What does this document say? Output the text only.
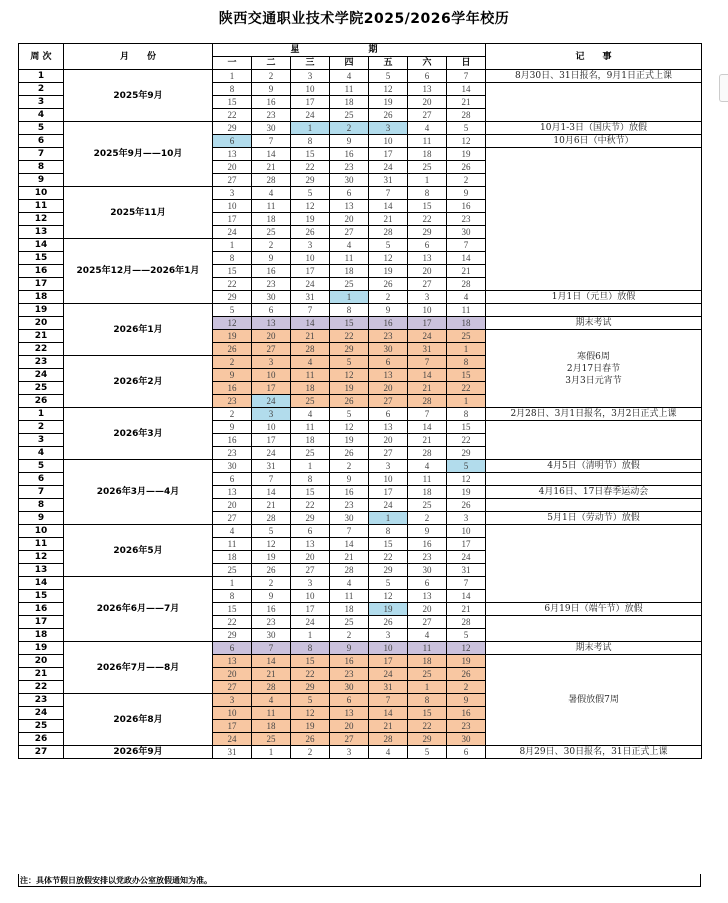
陕西交通职业技术学院2025/2026学年校历
周 次	月　　份	星　期							记　　事
		一	二	三	四	五	六	日	
1	2025年9月	1	2	3	4	5	6	7	8月30日、31日报名，9月1日正式上课
2		8	9	10	11	12	13	14	
3		15	16	17	18	19	20	21	
4		22	23	24	25	26	27	28	
5	2025年9月——10月	29	30	1	2	3	4	5	10月1-3日（国庆节）放假
6		6	7	8	9	10	11	12	10月6日（中秋节）
7		13	14	15	16	17	18	19	
8		20	21	22	23	24	25	26	
9		27	28	29	30	31	1	2	
10	2025年11月	3	4	5	6	7	8	9	
11		10	11	12	13	14	15	16	
12		17	18	19	20	21	22	23	
13		24	25	26	27	28	29	30	
14	2025年12月——2026年1月	1	2	3	4	5	6	7	
15		8	9	10	11	12	13	14	
16		15	16	17	18	19	20	21	
17		22	23	24	25	26	27	28	
18		29	30	31	1	2	3	4	1月1日（元旦）放假
19	2026年1月	5	6	7	8	9	10	11	
20		12	13	14	15	16	17	18	期末考试
21		19	20	21	22	23	24	25	寒假6周
2月17日春节
3月3日元宵节
22		26	27	28	29	30	31	1	
23	2026年2月	2	3	4	5	6	7	8	
24		9	10	11	12	13	14	15	
25		16	17	18	19	20	21	22	
26		23	24	25	26	27	28	1	
1	2026年3月	2	3	4	5	6	7	8	2月28日、3月1日报名，3月2日正式上课
2		9	10	11	12	13	14	15	
3		16	17	18	19	20	21	22	
4		23	24	25	26	27	28	29	
5	2026年3月——4月	30	31	1	2	3	4	5	4月5日（清明节）放假
6		6	7	8	9	10	11	12	
7		13	14	15	16	17	18	19	4月16日、17日春季运动会
8		20	21	22	23	24	25	26	
9		27	28	29	30	1	2	3	5月1日（劳动节）放假
10	2026年5月	4	5	6	7	8	9	10	
11		11	12	13	14	15	16	17	
12		18	19	20	21	22	23	24	
13		25	26	27	28	29	30	31	
14	2026年6月——7月	1	2	3	4	5	6	7	
15		8	9	10	11	12	13	14	
16		15	16	17	18	19	20	21	6月19日（端午节）放假
17		22	23	24	25	26	27	28	
18		29	30	1	2	3	4	5	
19	2026年7月——8月	6	7	8	9	10	11	12	期末考试
20		13	14	15	16	17	18	19	暑假放假7周
21		20	21	22	23	24	25	26	
22		27	28	29	30	31	1	2	
23	2026年8月	3	4	5	6	7	8	9	
24		10	11	12	13	14	15	16	
25		17	18	19	20	21	22	23	
26		24	25	26	27	28	29	30	
27	2026年9月	31	1	2	3	4	5	6	8月29日、30日报名，31日正式上课
注：具体节假日放假安排以党政办公室放假通知为准。
